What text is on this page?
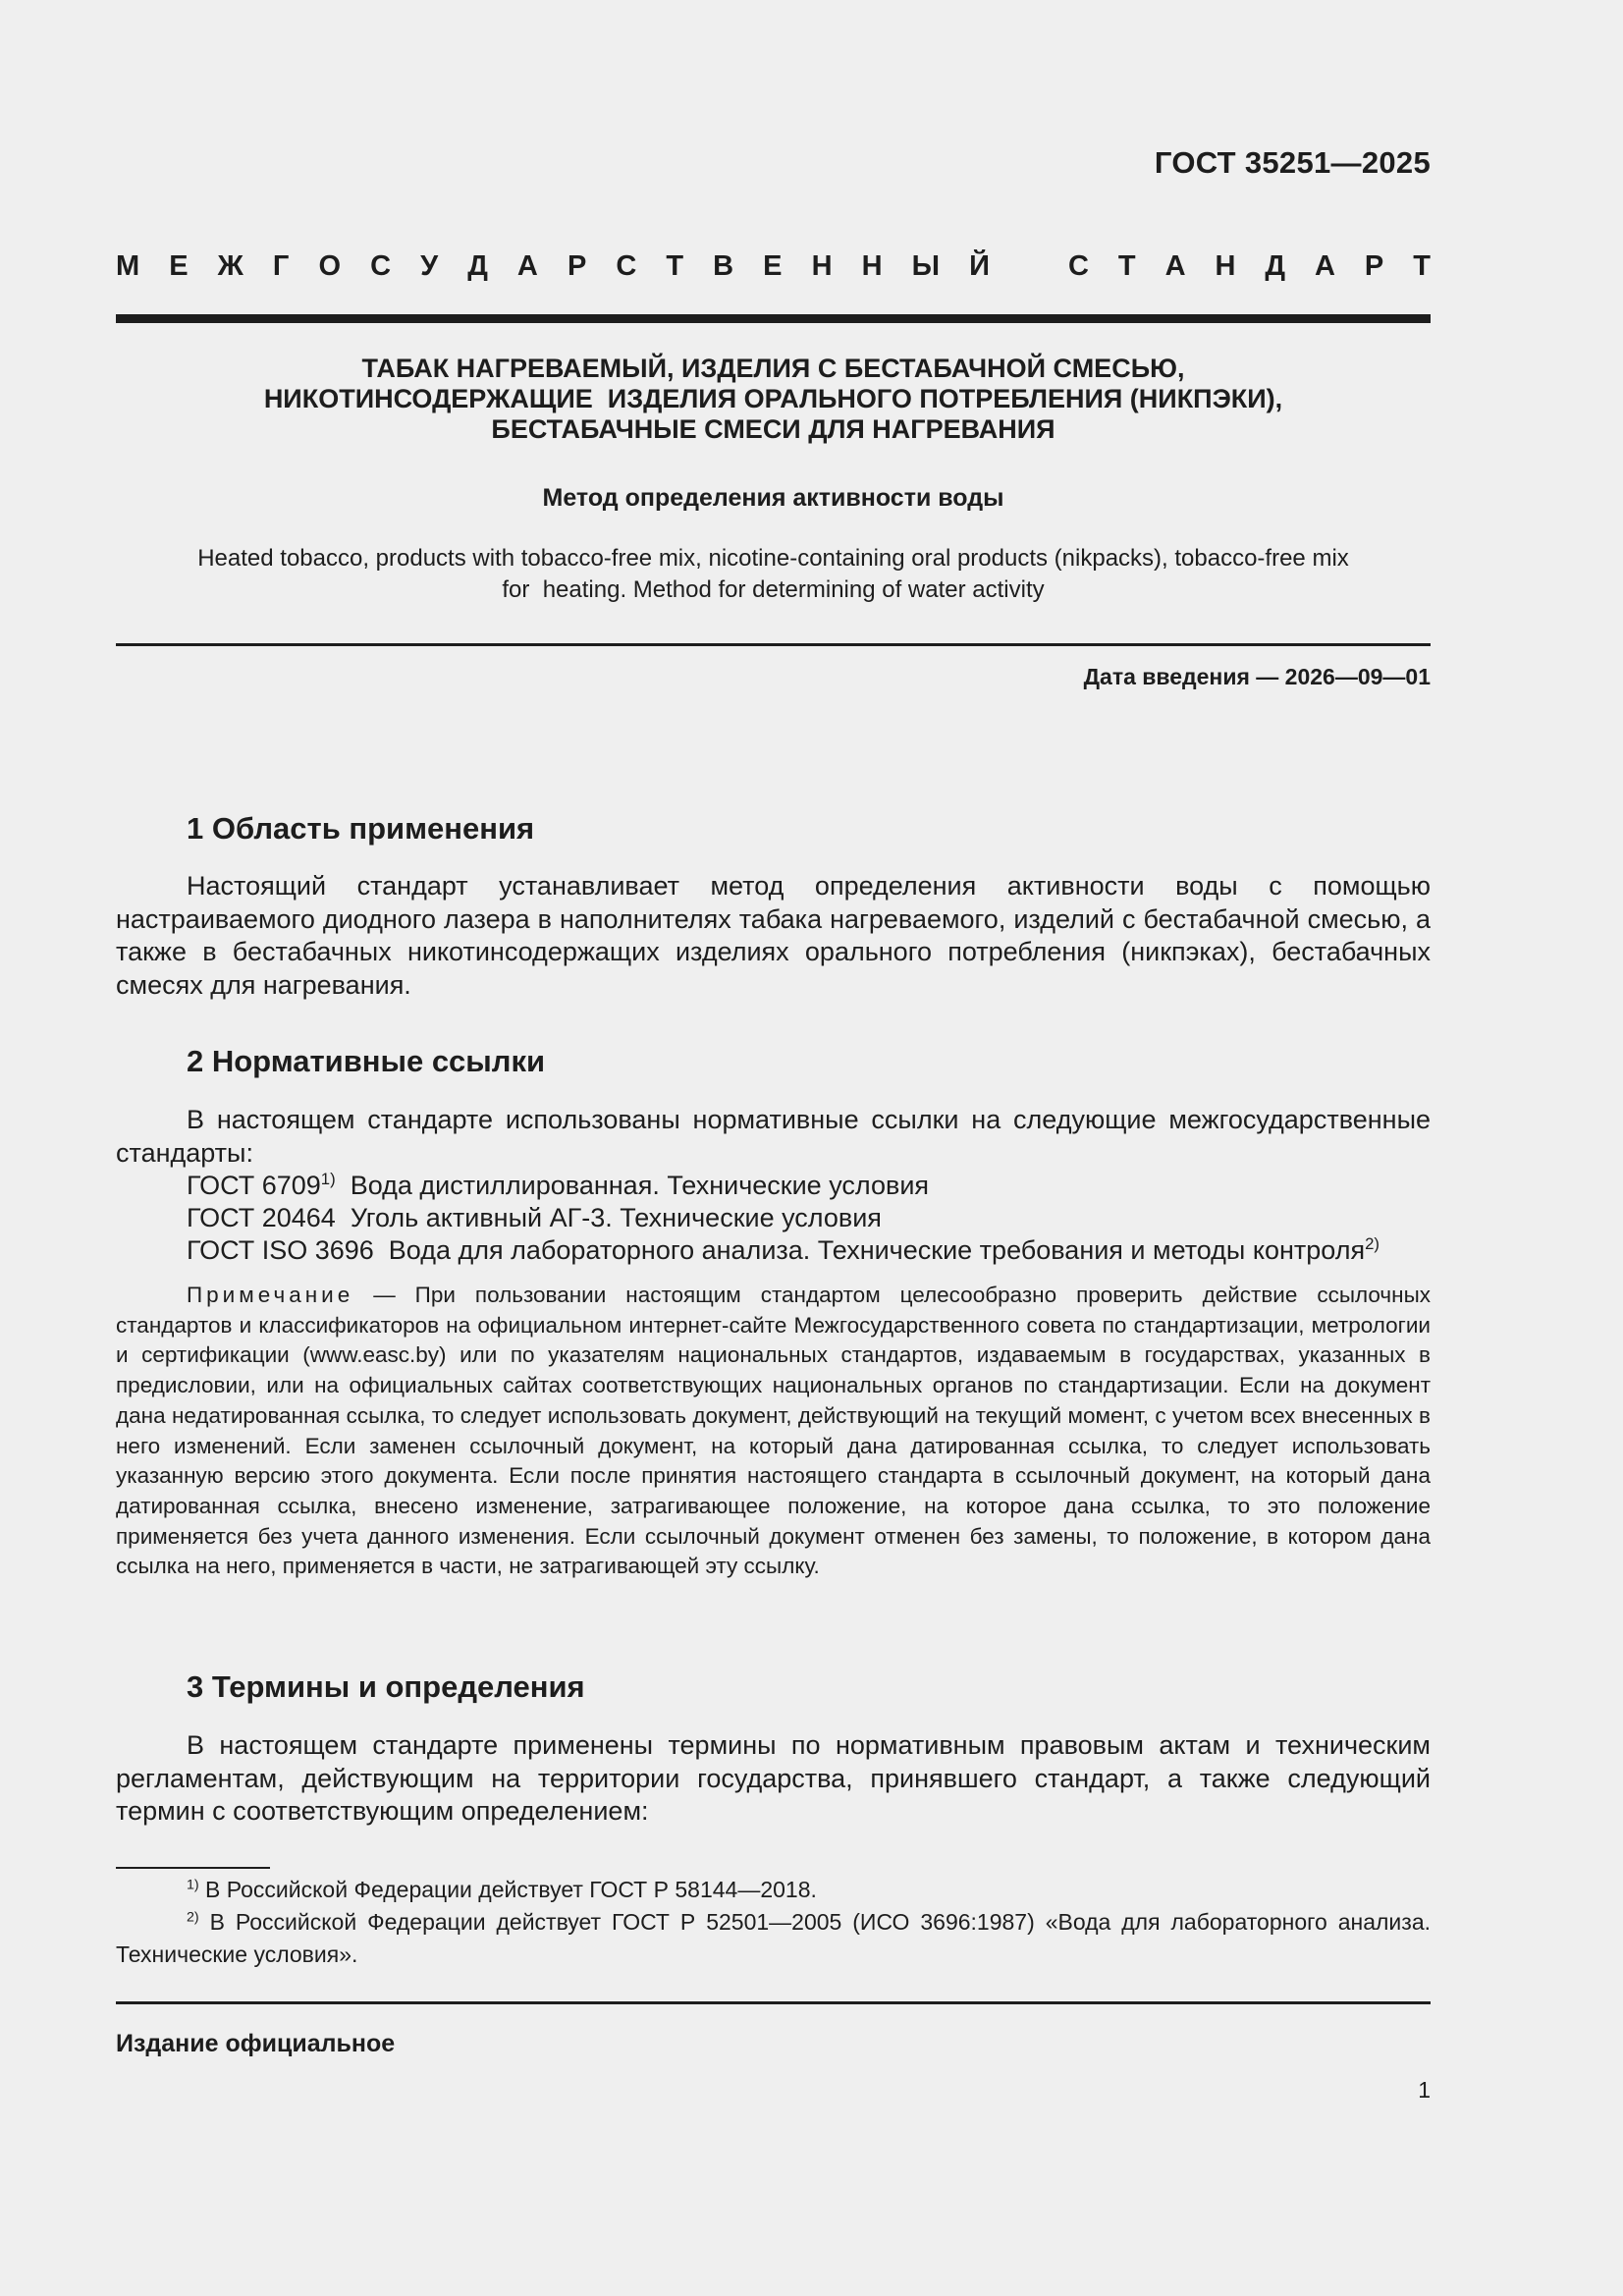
ГОСТ 35251—2025
М Е Ж Г О С У Д А Р С Т В Е Н Н Ы Й	С Т А Н Д А Р Т
ТАБАК НАГРЕВАЕМЫЙ, ИЗДЕЛИЯ С БЕСТАБАЧНОЙ СМЕСЬЮ,
НИКОТИНСОДЕРЖАЩИЕ  ИЗДЕЛИЯ ОРАЛЬНОГО ПОТРЕБЛЕНИЯ (НИКПЭКИ),
БЕСТАБАЧНЫЕ СМЕСИ ДЛЯ НАГРЕВАНИЯ
Метод определения активности воды
Heated tobacco, products with tobacco-free mix, nicotine-containing oral products (nikpacks), tobacco-free mix
for  heating. Method for determining of water activity
Дата введения — 2026—09—01
1 Область применения

Настоящий стандарт устанавливает метод определения активности воды с помощью настраиваемого диодного лазера в наполнителях табака нагреваемого, изделий с бестабачной смесью, а также в бестабачных никотинсодержащих изделиях орального потребления (никпэках), бестабачных смесях для нагревания.

2 Нормативные ссылки

В настоящем стандарте использованы нормативные ссылки на следующие межгосударственные стандарты:

ГОСТ 6709$^{1)}$ Вода дистиллированная. Технические условия
ГОСТ 20464 Уголь активный АГ-3. Технические условия
ГОСТ ISO 3696 Вода для лабораторного анализа. Технические требования и методы контроля$^{2)}$

Примечание — При пользовании настоящим стандартом целесообразно проверить действие ссылочных стандартов и классификаторов на официальном интернет-сайте Межгосударственного совета по стандартизации, метрологии и сертификации (www.easc.by) или по указателям национальных стандартов, издаваемым в государствах, указанных в предисловии, или на официальных сайтах соответствующих национальных органов по стандартизации. Если на документ дана недатированная ссылка, то следует использовать документ, действующий на текущий момент, с учетом всех внесенных в него изменений. Если заменен ссылочный документ, на который дана датированная ссылка, то следует использовать указанную версию этого документа. Если после принятия настоящего стандарта в ссылочный документ, на который дана датированная ссылка, внесено изменение, затрагивающее положение, на которое дана ссылка, то это положение применяется без учета данного изменения. Если ссылочный документ отменен без замены, то положение, в котором дана ссылка на него, применяется в части, не затрагивающей эту ссылку.

3 Термины и определения

В настоящем стандарте применены термины по нормативным правовым актам и техническим регламентам, действующим на территории государства, принявшего стандарт, а также следующий термин с соответствующим определением:

$^{1)}$ В Российской Федерации действует ГОСТ Р 58144—2018.

$^{2)}$ В Российской Федерации действует ГОСТ Р 52501—2005 (ИСО 3696:1987) «Вода для лабораторного анализа. Технические условия».

Издание официальное
1
